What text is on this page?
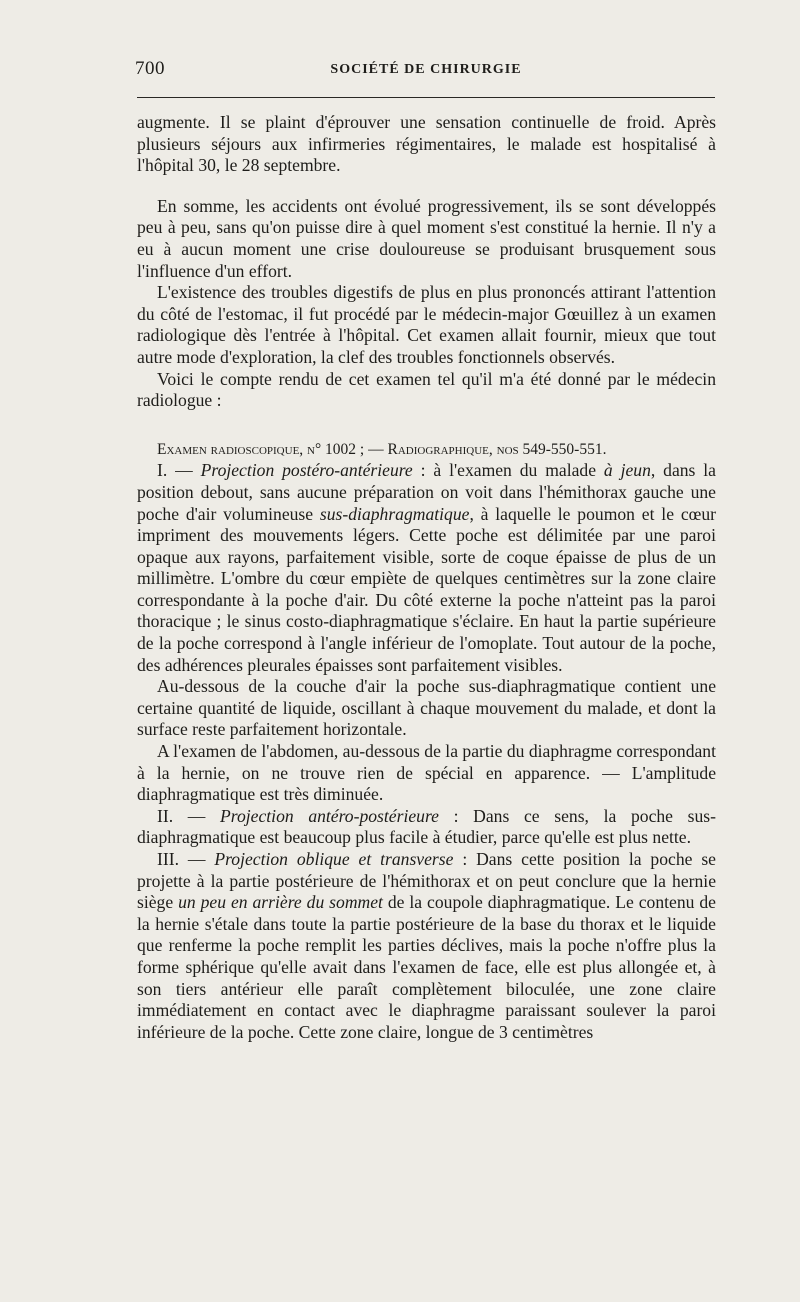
700	SOCIÉTÉ DE CHIRURGIE

augmente. Il se plaint d'éprouver une sensation continuelle de froid. Après plusieurs séjours aux infirmeries régimentaires, le malade est hospitalisé à l'hôpital 30, le 28 septembre.

En somme, les accidents ont évolué progressivement, ils se sont développés peu à peu, sans qu'on puisse dire à quel moment s'est constitué la hernie. Il n'y a eu à aucun moment une crise douloureuse se produisant brusquement sous l'influence d'un effort.

L'existence des troubles digestifs de plus en plus prononcés attirant l'attention du côté de l'estomac, il fut procédé par le médecin-major Gœuillez à un examen radiologique dès l'entrée à l'hôpital. Cet examen allait fournir, mieux que tout autre mode d'exploration, la clef des troubles fonctionnels observés.

Voici le compte rendu de cet examen tel qu'il m'a été donné par le médecin radiologue :

Examen radioscopique, n° 1002 ; — Radiographique, nos 549-550-551.

I. — Projection postéro-antérieure : à l'examen du malade à jeun, dans la position debout, sans aucune préparation on voit dans l'hémithorax gauche une poche d'air volumineuse sus-diaphragmatique, à laquelle le poumon et le cœur impriment des mouvements légers. Cette poche est délimitée par une paroi opaque aux rayons, parfaitement visible, sorte de coque épaisse de plus de un millimètre. L'ombre du cœur empiète de quelques centimètres sur la zone claire correspondante à la poche d'air. Du côté externe la poche n'atteint pas la paroi thoracique ; le sinus costo-diaphragmatique s'éclaire. En haut la partie supérieure de la poche correspond à l'angle inférieur de l'omoplate. Tout autour de la poche, des adhérences pleurales épaisses sont parfaitement visibles.

Au-dessous de la couche d'air la poche sus-diaphragmatique contient une certaine quantité de liquide, oscillant à chaque mouvement du malade, et dont la surface reste parfaitement horizontale.

A l'examen de l'abdomen, au-dessous de la partie du diaphragme correspondant à la hernie, on ne trouve rien de spécial en apparence. — L'amplitude diaphragmatique est très diminuée.

II. — Projection antéro-postérieure : Dans ce sens, la poche sus-diaphragmatique est beaucoup plus facile à étudier, parce qu'elle est plus nette.

III. — Projection oblique et transverse : Dans cette position la poche se projette à la partie postérieure de l'hémithorax et on peut conclure que la hernie siège un peu en arrière du sommet de la coupole diaphragmatique. Le contenu de la hernie s'étale dans toute la partie postérieure de la base du thorax et le liquide que renferme la poche remplit les parties déclives, mais la poche n'offre plus la forme sphérique qu'elle avait dans l'examen de face, elle est plus allongée et, à son tiers antérieur elle paraît complètement biloculée, une zone claire immédiatement en contact avec le diaphragme paraissant soulever la paroi inférieure de la poche. Cette zone claire, longue de 3 centimètres
